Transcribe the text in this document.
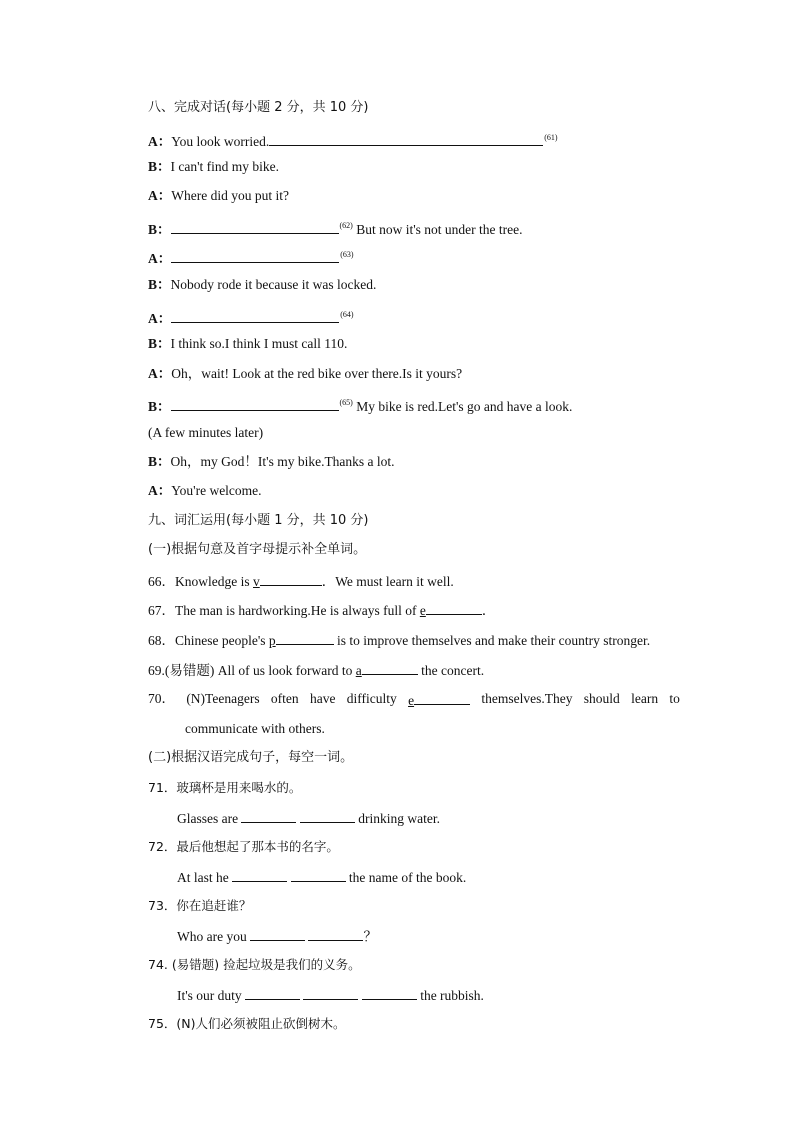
八、完成对话(每小题 2 分，共 10 分)
A：You look worried.	$^{(61)}$
B：I can't find my bike.
A：Where did you put it?
B：	$^{(62)}$ But now it's not under the tree.
A：	$^{(63)}$
B：Nobody rode it because it was locked.
A：	$^{(64)}$
B：I think so.I think I must call 110.
A：Oh，wait! Look at the red bike over there.Is it yours?
B：	$^{(65)}$ My bike is red.Let's go and have a look.
(A few minutes later)
B：Oh，my God！It's my bike.Thanks a lot.
A：You're welcome.
九、词汇运用(每小题 1 分，共 10 分)
(一)根据句意及首字母提示补全单词。
66．Knowledge is v	．We must learn it well.
67．The man is hardworking.He is always full of e	．
68．Chinese people's p	is to improve themselves and make their country stronger.
69.(易错题) All of us look forward to a	the concert.
70． (N)Teenagers often have difficulty e	themselves.They should learn to
communicate with others.
(二)根据汉语完成句子，每空一词。
71．玻璃杯是用来喝水的。
Glasses are	drinking water.
72．最后他想起了那本书的名字。
At last he	the name of the book.
73．你在追赶谁？
Who are you	？
74. (易错题) 捡起垃圾是我们的义务。
It's our duty	the rubbish.
75．(N)人们必须被阻止砍倒树木。
